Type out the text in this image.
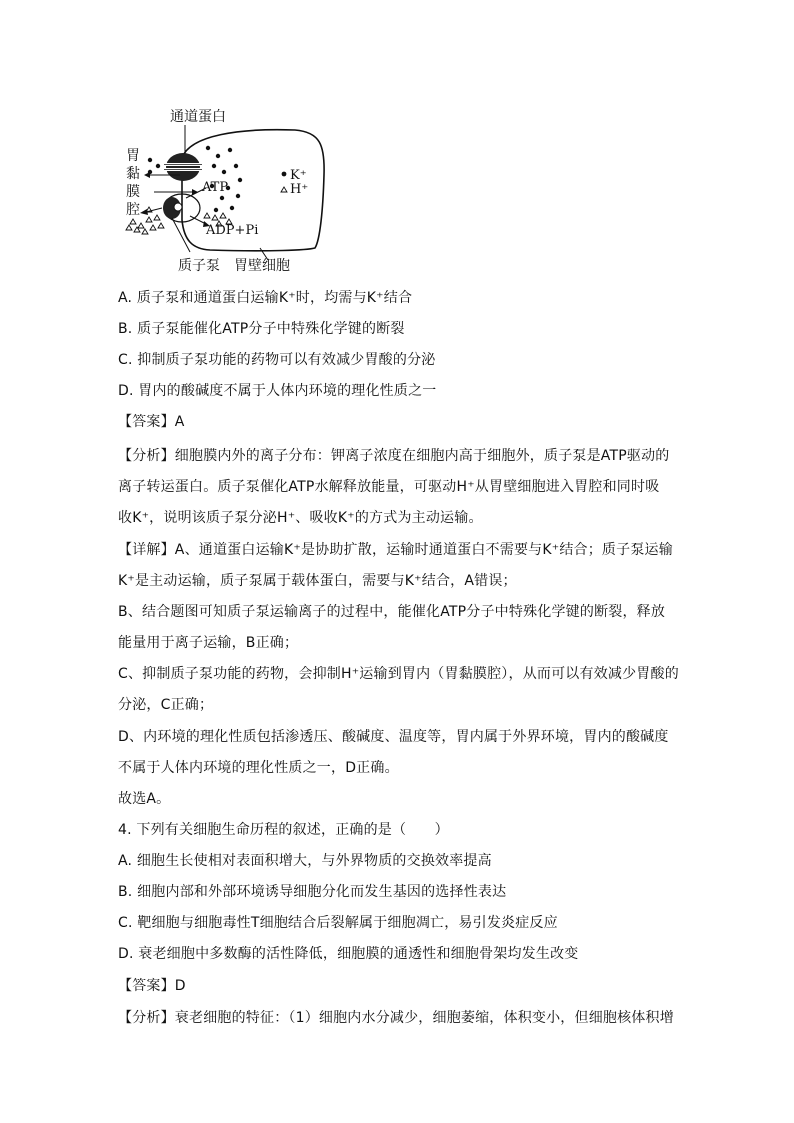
通道蛋白
胃
黏
膜
腔
ATP
ADP+Pi
K⁺
H⁺
质子泵 胃壁细胞
A. 质子泵和通道蛋白运输K⁺时，均需与K⁺结合
B. 质子泵能催化ATP分子中特殊化学键的断裂
C. 抑制质子泵功能的药物可以有效减少胃酸的分泌
D. 胃内的酸碱度不属于人体内环境的理化性质之一
【答案】A
【分析】细胞膜内外的离子分布：钾离子浓度在细胞内高于细胞外，质子泵是ATP驱动的
离子转运蛋白。质子泵催化ATP水解释放能量，可驱动H⁺从胃壁细胞进入胃腔和同时吸
收K⁺，说明该质子泵分泌H⁺、吸收K⁺的方式为主动运输。
【详解】A、通道蛋白运输K⁺是协助扩散，运输时通道蛋白不需要与K⁺结合；质子泵运输
K⁺是主动运输，质子泵属于载体蛋白，需要与K⁺结合，A错误；
B、结合题图可知质子泵运输离子的过程中，能催化ATP分子中特殊化学键的断裂，释放
能量用于离子运输，B正确；
C、抑制质子泵功能的药物，会抑制H⁺运输到胃内（胃黏膜腔），从而可以有效减少胃酸的
分泌，C正确；
D、内环境的理化性质包括渗透压、酸碱度、温度等，胃内属于外界环境，胃内的酸碱度
不属于人体内环境的理化性质之一，D正确。
故选A。
4. 下列有关细胞生命历程的叙述，正确的是（　　）
A. 细胞生长使相对表面积增大，与外界物质的交换效率提高
B. 细胞内部和外部环境诱导细胞分化而发生基因的选择性表达
C. 靶细胞与细胞毒性T细胞结合后裂解属于细胞凋亡，易引发炎症反应
D. 衰老细胞中多数酶的活性降低，细胞膜的通透性和细胞骨架均发生改变
【答案】D
【分析】衰老细胞的特征：（1）细胞内水分减少，细胞萎缩，体积变小，但细胞核体积增
